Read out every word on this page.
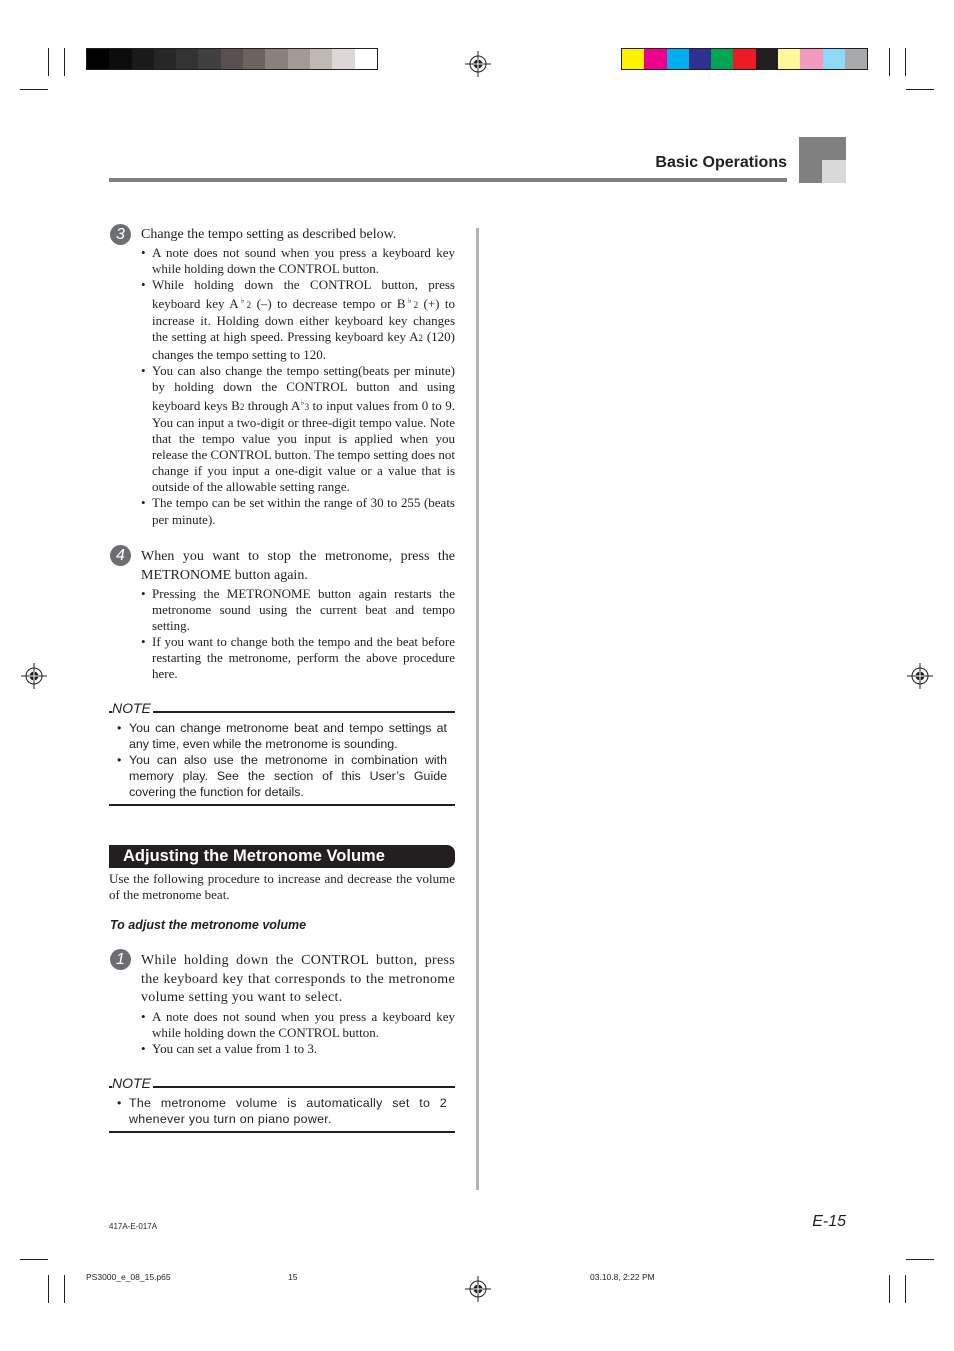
Basic Operations
3	Change the tempo setting as described below.
• A note does not sound when you press a keyboard key while holding down the CONTROL button.
• While holding down the CONTROL button, press keyboard key A♭2 (–) to decrease tempo or B♭2 (+) to increase it. Holding down either keyboard key changes the setting at high speed. Pressing keyboard key A2 (120) changes the tempo setting to 120.
• You can also change the tempo setting(beats per minute) by holding down the CONTROL button and using keyboard keys B2 through A♭3 to input values from 0 to 9. You can input a two-digit or three-digit tempo value. Note that the tempo value you input is applied when you release the CONTROL button. The tempo setting does not change if you input a one-digit value or a value that is outside of the allowable setting range.
• The tempo can be set within the range of 30 to 255 (beats per minute).
4	When you want to stop the metronome, press the METRONOME button again.
• Pressing the METRONOME button again restarts the metronome sound using the current beat and tempo setting.
• If you want to change both the tempo and the beat before restarting the metronome, perform the above procedure here.
NOTE
• You can change metronome beat and tempo settings at any time, even while the metronome is sounding.
• You can also use the metronome in combination with memory play. See the section of this User’s Guide covering the function for details.
Adjusting the Metronome Volume
Use the following procedure to increase and decrease the volume of the metronome beat.
To adjust the metronome volume
1	While holding down the CONTROL button, press the keyboard key that corresponds to the metronome volume setting you want to select.
• A note does not sound when you press a keyboard key while holding down the CONTROL button.
• You can set a value from 1 to 3.
NOTE
• The metronome volume is automatically set to 2 whenever you turn on piano power.
E-15
417A-E-017A
PS3000_e_08_15.p65	15	03.10.8, 2:22 PM
